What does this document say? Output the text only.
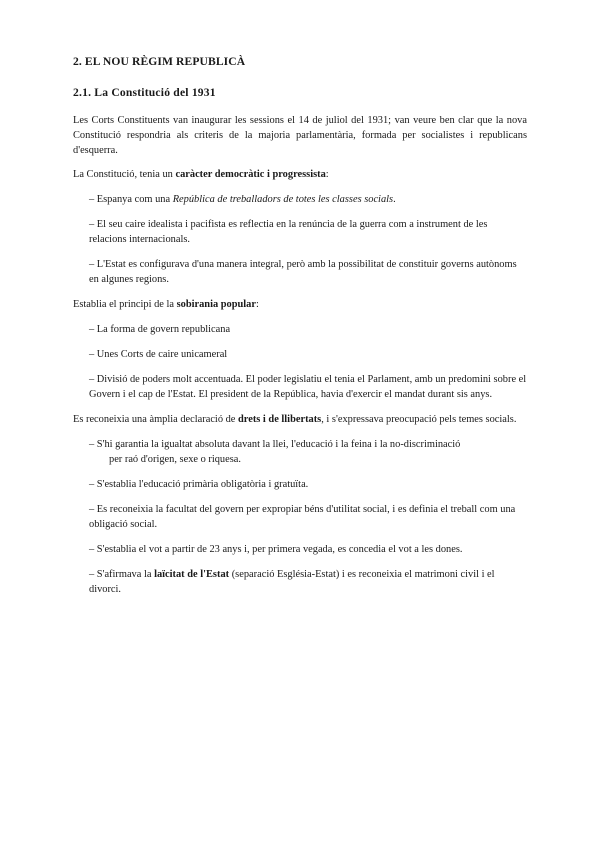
2. EL NOU RÈGIM REPUBLICÀ
2.1. La Constitució del 1931

Les Corts Constituents van inaugurar les sessions el 14 de juliol del 1931; van veure ben clar que la nova Constitució respondria als criteris de la majoria parlamentària, formada per socialistes i republicans d'esquerra.

La Constitució, tenia un caràcter democràtic i progressista:

– Espanya com una República de treballadors de totes les classes socials.

– El seu caire idealista i pacifista es reflectia en la renúncia de la guerra com a instrument de les relacions internacionals.

– L'Estat es configurava d'una manera integral, però amb la possibilitat de constituir governs autònoms en algunes regions.

Establia el principi de la sobirania popular:

– La forma de govern republicana

– Unes Corts de caire unicameral

– Divisió de poders molt accentuada. El poder legislatiu el tenia el Parlament, amb un predomini sobre el Govern i el cap de l'Estat. El president de la República, havia d'exercir el mandat durant sis anys.

Es reconeixia una àmplia declaració de drets i de llibertats, i s'expressava preocupació pels temes socials.

– S'hi garantia la igualtat absoluta davant la llei, l'educació i la feina i la no-discriminació
per raó d'origen, sexe o riquesa.

– S'establia l'educació primària obligatòria i gratuïta.

– Es reconeixia la facultat del govern per expropiar béns d'utilitat social, i es definia el treball com una obligació social.

– S'establia el vot a partir de 23 anys i, per primera vegada, es concedia el vot a les dones.

– S'afirmava la laïcitat de l'Estat (separació Església-Estat) i es reconeixia el matrimoni civil i el divorci.
